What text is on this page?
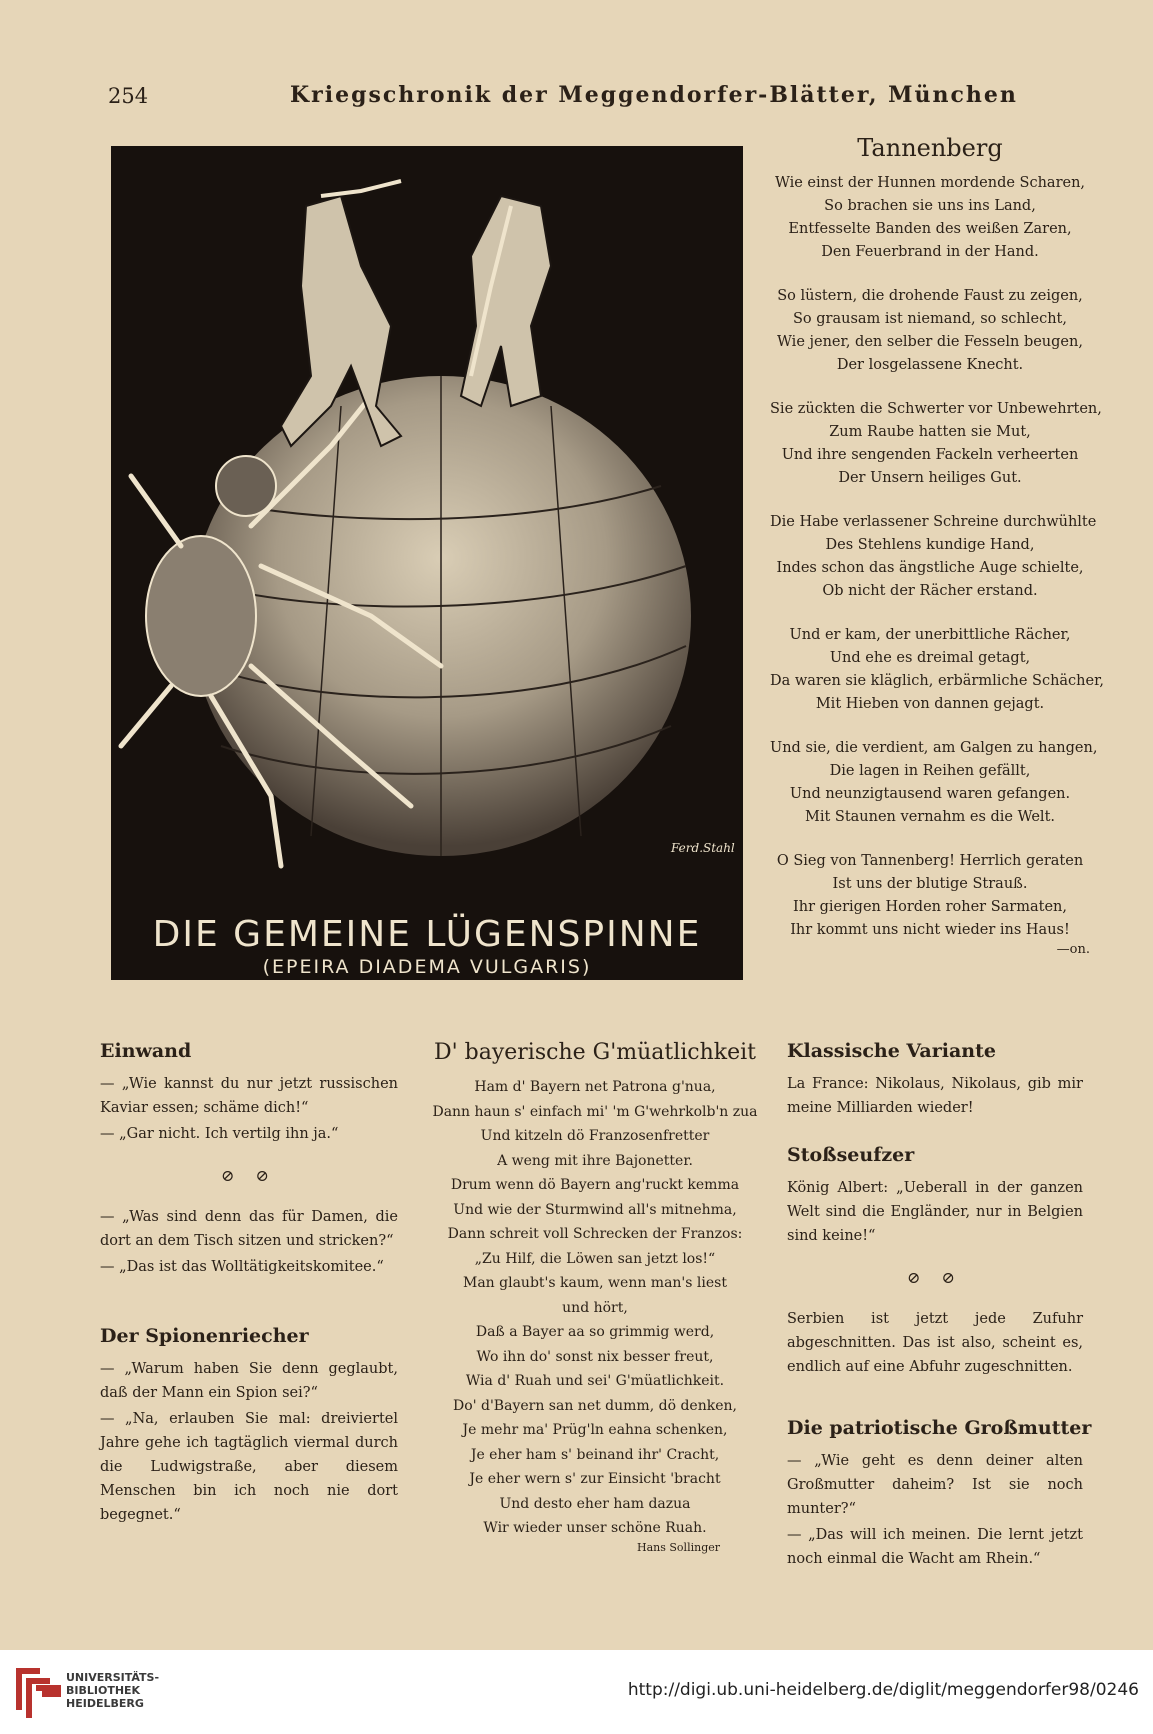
254	Kriegschronik der Meggendorfer-Blätter, München
Ferd.Stahl
DIE GEMEINE LÜGENSPINNE
(EPEIRA DIADEMA VULGARIS)
Tannenberg
Wie einst der Hunnen mordende Scharen,
So brachen sie uns ins Land,
Entfesselte Banden des weißen Zaren,
Den Feuerbrand in der Hand.
So lüstern, die drohende Faust zu zeigen,
So grausam ist niemand, so schlecht,
Wie jener, den selber die Fesseln beugen,
Der losgelassene Knecht.
Sie zückten die Schwerter vor Unbewehrten,
Zum Raube hatten sie Mut,
Und ihre sengenden Fackeln verheerten
Der Unsern heiliges Gut.
Die Habe verlassener Schreine durchwühlte
Des Stehlens kundige Hand,
Indes schon das ängstliche Auge schielte,
Ob nicht der Rächer erstand.
Und er kam, der unerbittliche Rächer,
Und ehe es dreimal getagt,
Da waren sie kläglich, erbärmliche Schächer,
Mit Hieben von dannen gejagt.
Und sie, die verdient, am Galgen zu hangen,
Die lagen in Reihen gefällt,
Und neunzigtausend waren gefangen.
Mit Staunen vernahm es die Welt.
O Sieg von Tannenberg! Herrlich geraten
Ist uns der blutige Strauß.
Ihr gierigen Horden roher Sarmaten,
Ihr kommt uns nicht wieder ins Haus!
—on.
Einwand
— „Wie kannst du nur jetzt russischen Kaviar essen; schäme dich!“
— „Gar nicht. Ich vertilg ihn ja.“
⊘ ⊘
— „Was sind denn das für Damen, die dort an dem Tisch sitzen und stricken?“
— „Das ist das Wolltätigkeitskomitee.“
Der Spionenriecher
— „Warum haben Sie denn geglaubt, daß der Mann ein Spion sei?“
— „Na, erlauben Sie mal: dreiviertel Jahre gehe ich tagtäglich viermal durch die Ludwigstraße, aber diesem Menschen bin ich noch nie dort begegnet.“
D' bayerische G'müatlichkeit
Ham d' Bayern net Patrona g'nua,
Dann haun s' einfach mi' 'm G'wehrkolb'n zua
Und kitzeln dö Franzosenfretter
A weng mit ihre Bajonetter.
Drum wenn dö Bayern ang'ruckt kemma
Und wie der Sturmwind all's mitnehma,
Dann schreit voll Schrecken der Franzos:
„Zu Hilf, die Löwen san jetzt los!“
Man glaubt's kaum, wenn man's liest
und hört,
Daß a Bayer aa so grimmig werd,
Wo ihn do' sonst nix besser freut,
Wia d' Ruah und sei' G'müatlichkeit.
Do' d'Bayern san net dumm, dö denken,
Je mehr ma' Prüg'ln eahna schenken,
Je eher ham s' beinand ihr' Cracht,
Je eher wern s' zur Einsicht 'bracht
Und desto eher ham dazua
Wir wieder unser schöne Ruah.
Hans Sollinger
Klassische Variante
La France: Nikolaus, Nikolaus, gib mir meine Milliarden wieder!
Stoßseufzer
König Albert: „Ueberall in der ganzen Welt sind die Engländer, nur in Belgien sind keine!“
⊘ ⊘
Serbien ist jetzt jede Zufuhr abgeschnitten. Das ist also, scheint es, endlich auf eine Abfuhr zugeschnitten.
Die patriotische Großmutter
— „Wie geht es denn deiner alten Großmutter daheim? Ist sie noch munter?“
— „Das will ich meinen. Die lernt jetzt noch einmal die Wacht am Rhein.“
UNIVERSITÄTS-
BIBLIOTHEK
HEIDELBERG
http://digi.ub.uni-heidelberg.de/diglit/meggendorfer98/0246
